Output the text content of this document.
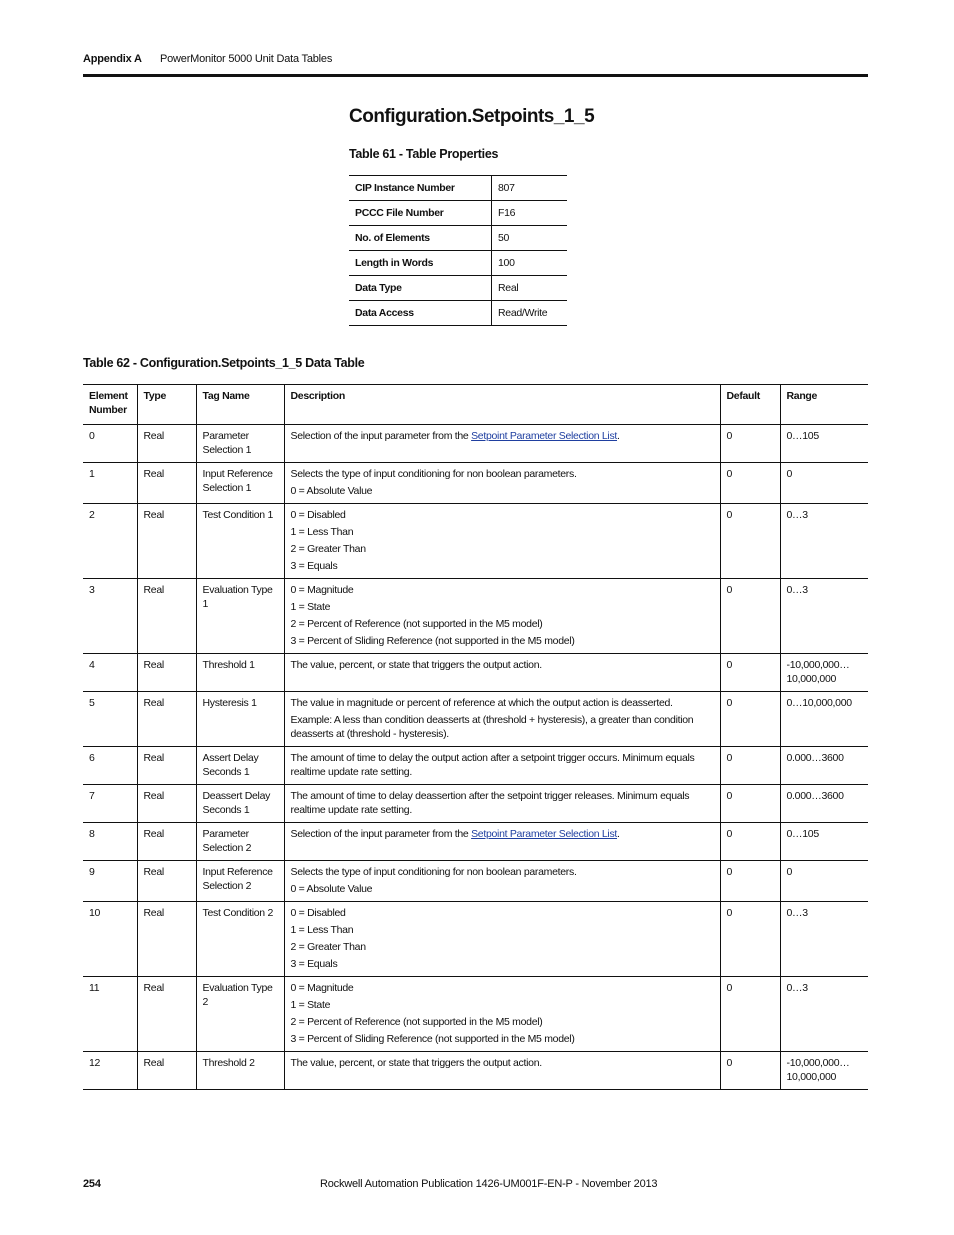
Appendix A PowerMonitor 5000 Unit Data Tables
Configuration.Setpoints_1_5
Table 61 - Table Properties
CIP Instance Number	807
PCCC File Number	F16
No. of Elements	50
Length in Words	100
Data Type	Real
Data Access	Read/Write
Table 62 - Configuration.Setpoints_1_5 Data Table
Element Number	Type	Tag Name	Description	Default	Range
0	Real	Parameter Selection 1	Selection of the input parameter from the Setpoint Parameter Selection List.	0	0…105
1	Real	Input Reference Selection 1	Selects the type of input conditioning for non boolean parameters.
0 = Absolute Value	0	0
2	Real	Test Condition 1	0 = Disabled
1 = Less Than
2 = Greater Than
3 = Equals	0	0…3
3	Real	Evaluation Type 1	0 = Magnitude
1 = State
2 = Percent of Reference (not supported in the M5 model)
3 = Percent of Sliding Reference (not supported in the M5 model)	0	0…3
4	Real	Threshold 1	The value, percent, or state that triggers the output action.	0	-10,000,000…10,000,000
5	Real	Hysteresis 1	The value in magnitude or percent of reference at which the output action is deasserted.
Example: A less than condition deasserts at (threshold + hysteresis), a greater than condition deasserts at (threshold - hysteresis).	0	0…10,000,000
6	Real	Assert Delay Seconds 1	The amount of time to delay the output action after a setpoint trigger occurs. Minimum equals realtime update rate setting.	0	0.000…3600
7	Real	Deassert Delay Seconds 1	The amount of time to delay deassertion after the setpoint trigger releases. Minimum equals realtime update rate setting.	0	0.000…3600
8	Real	Parameter Selection 2	Selection of the input parameter from the Setpoint Parameter Selection List.	0	0…105
9	Real	Input Reference Selection 2	Selects the type of input conditioning for non boolean parameters.
0 = Absolute Value	0	0
10	Real	Test Condition 2	0 = Disabled
1 = Less Than
2 = Greater Than
3 = Equals	0	0…3
11	Real	Evaluation Type 2	0 = Magnitude
1 = State
2 = Percent of Reference (not supported in the M5 model)
3 = Percent of Sliding Reference (not supported in the M5 model)	0	0…3
12	Real	Threshold 2	The value, percent, or state that triggers the output action.	0	-10,000,000…10,000,000
254	Rockwell Automation Publication 1426-UM001F-EN-P - November 2013
